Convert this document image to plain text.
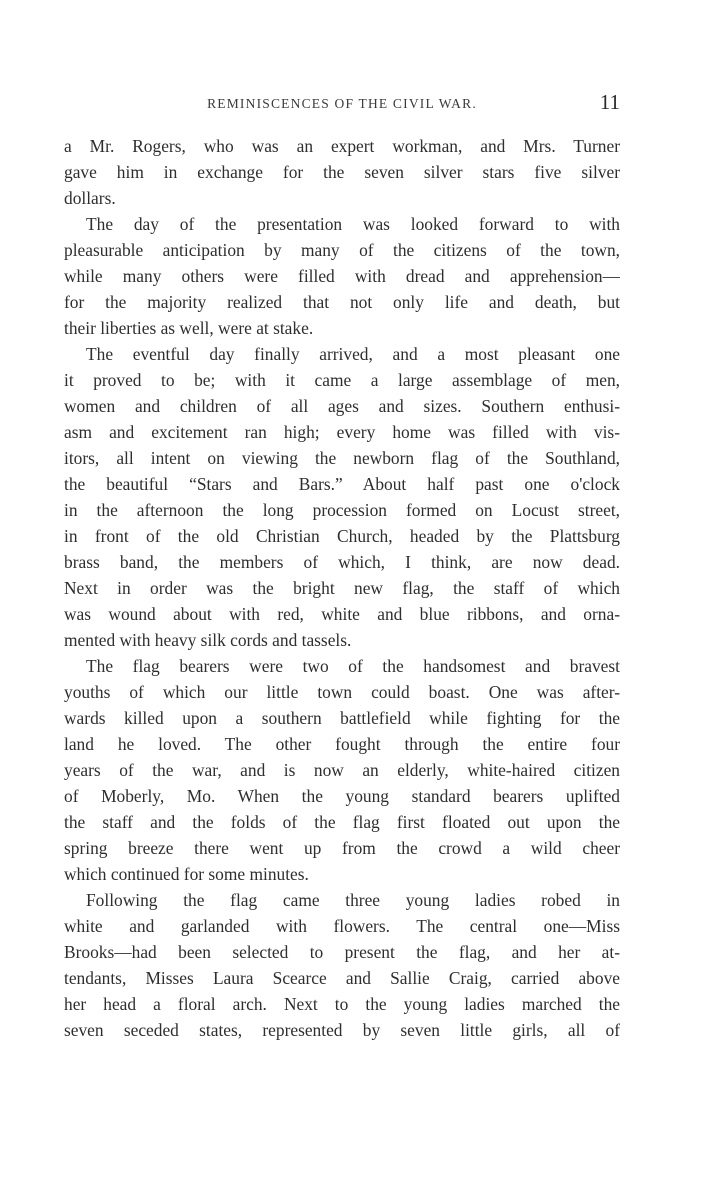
REMINISCENCES OF THE CIVIL WAR.	11
a Mr. Rogers, who was an expert workman, and Mrs. Turner
gave him in exchange for the seven silver stars five silver
dollars.
The day of the presentation was looked forward to with
pleasurable anticipation by many of the citizens of the town,
while many others were filled with dread and apprehension—
for the majority realized that not only life and death, but
their liberties as well, were at stake.
The eventful day finally arrived, and a most pleasant one
it proved to be; with it came a large assemblage of men,
women and children of all ages and sizes. Southern enthusi-
asm and excitement ran high; every home was filled with vis-
itors, all intent on viewing the newborn flag of the Southland,
the beautiful “Stars and Bars.” About half past one o'clock
in the afternoon the long procession formed on Locust street,
in front of the old Christian Church, headed by the Plattsburg
brass band, the members of which, I think, are now dead.
Next in order was the bright new flag, the staff of which
was wound about with red, white and blue ribbons, and orna-
mented with heavy silk cords and tassels.
The flag bearers were two of the handsomest and bravest
youths of which our little town could boast. One was after-
wards killed upon a southern battlefield while fighting for the
land he loved. The other fought through the entire four
years of the war, and is now an elderly, white-haired citizen
of Moberly, Mo. When the young standard bearers uplifted
the staff and the folds of the flag first floated out upon the
spring breeze there went up from the crowd a wild cheer
which continued for some minutes.
Following the flag came three young ladies robed in
white and garlanded with flowers. The central one—Miss
Brooks—had been selected to present the flag, and her at-
tendants, Misses Laura Scearce and Sallie Craig, carried above
her head a floral arch. Next to the young ladies marched the
seven seceded states, represented by seven little girls, all of
